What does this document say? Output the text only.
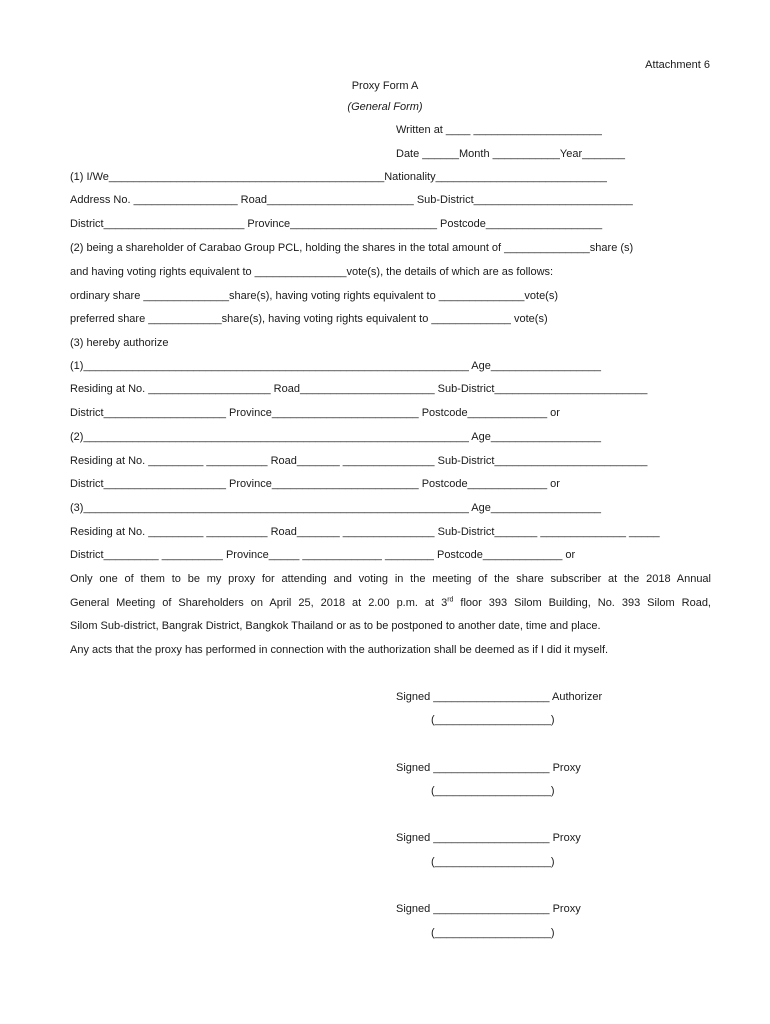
Attachment 6
Proxy Form A
(General Form)
Written at ____ _____________________
Date ______Month ___________Year_______
(1) I/We_____________________________________________Nationality____________________________
Address No. _________________ Road________________________ Sub-District__________________________
District_______________________ Province________________________ Postcode___________________
(2) being a shareholder of Carabao Group PCL, holding the shares in the total amount of ______________share (s)
and having voting rights equivalent to _______________vote(s), the details of which are as follows:
ordinary share ______________share(s), having voting rights equivalent to ______________vote(s)
preferred share ____________share(s), having voting rights equivalent to _____________ vote(s)
(3) hereby authorize
(1)_______________________________________________________________ Age__________________
Residing at No. ____________________ Road______________________ Sub-District_________________________
District____________________ Province________________________ Postcode_____________ or
(2)_______________________________________________________________ Age__________________
Residing at No. _________ __________ Road_______ _______________ Sub-District_________________________
District____________________ Province________________________ Postcode_____________ or
(3)_______________________________________________________________ Age__________________
Residing at No. _________ __________ Road_______ _______________ Sub-District_______ ______________ _____
District_________ __________ Province_____ _____________ ________ Postcode_____________ or
Only one of them to be my proxy for attending and voting in the meeting of the share subscriber at the 2018 Annual
General Meeting of Shareholders on April 25, 2018 at 2.00 p.m. at 3rd floor 393 Silom Building, No. 393 Silom Road,
Silom Sub-district, Bangrak District, Bangkok Thailand or as to be postponed to another date, time and place.
Any acts that the proxy has performed in connection with the authorization shall be deemed as if I did it myself.
Signed ___________________ Authorizer
(___________________)
Signed ___________________ Proxy
(___________________)
Signed ___________________ Proxy
(___________________)
Signed ___________________ Proxy
(___________________)
